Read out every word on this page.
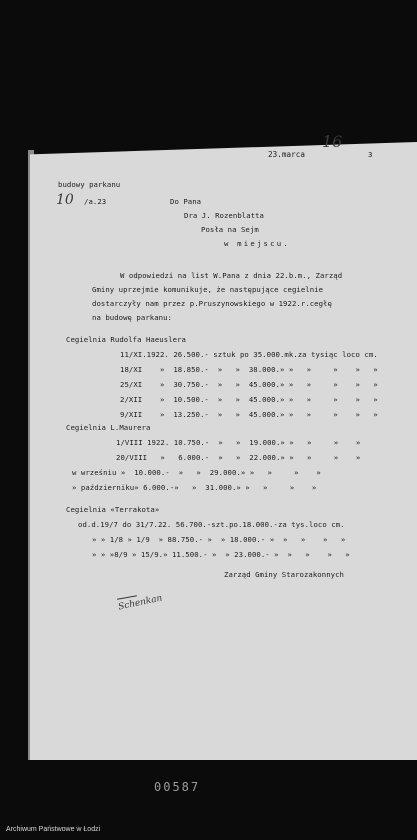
23.marca
16
3
budowy parkanu
10 /a.23	Do Pana
Dra J. Rozenblatta
Posła na Sejm
w miejscu.
W odpowiedzi na list W.Pana z dnia 22.b.m., Zarząd
Gminy uprzejmie komunikuje, że następujące cegielnie
dostarczyły nam przez p.Pruszynowskiego w 1922.r.cegłę
na budowę parkanu:
Cegielnia Rudolfa Haeuslera
11/XI.1922. 26.500.- sztuk po 35.000.mk.za tysiąc loco cm.
18/XI    »  18.850.-  »   »  38.000.» »   »     »    »   »
25/XI    »  30.750.-  »   »  45.000.» »   »     »    »   »
2/XII    »  10.500.-  »   »  45.000.» »   »     »    »   »
9/XII    »  13.250.-  »   »  45.000.» »   »     »    »   »
Cegielnia L.Maurera
1/VIII 1922. 10.750.-  »   »  19.000.» »   »     »    »
20/VIII   »   6.000.-  »   »  22.000.» »   »     »    »
w wrześniu »  10.000.-  »   »  29.000.» »   »     »    »
» październiku» 6.000.-»   »  31.000.» »   »     »    »
Cegielnia «Terrakota»
od.d.19/7 do 31/7.22. 56.700.-szt.po.18.000.-za tys.loco cm.
» » 1/8 » 1/9  » 88.750.- »  » 18.000.- »  »   »    »   »
» » »8/9 » 15/9.» 11.500.- »  » 23.000.- »  »   »    »   »
Zarząd Gminy Starozakonnych
Schenkan
00587
Archiwum Państwowe w Łodzi
